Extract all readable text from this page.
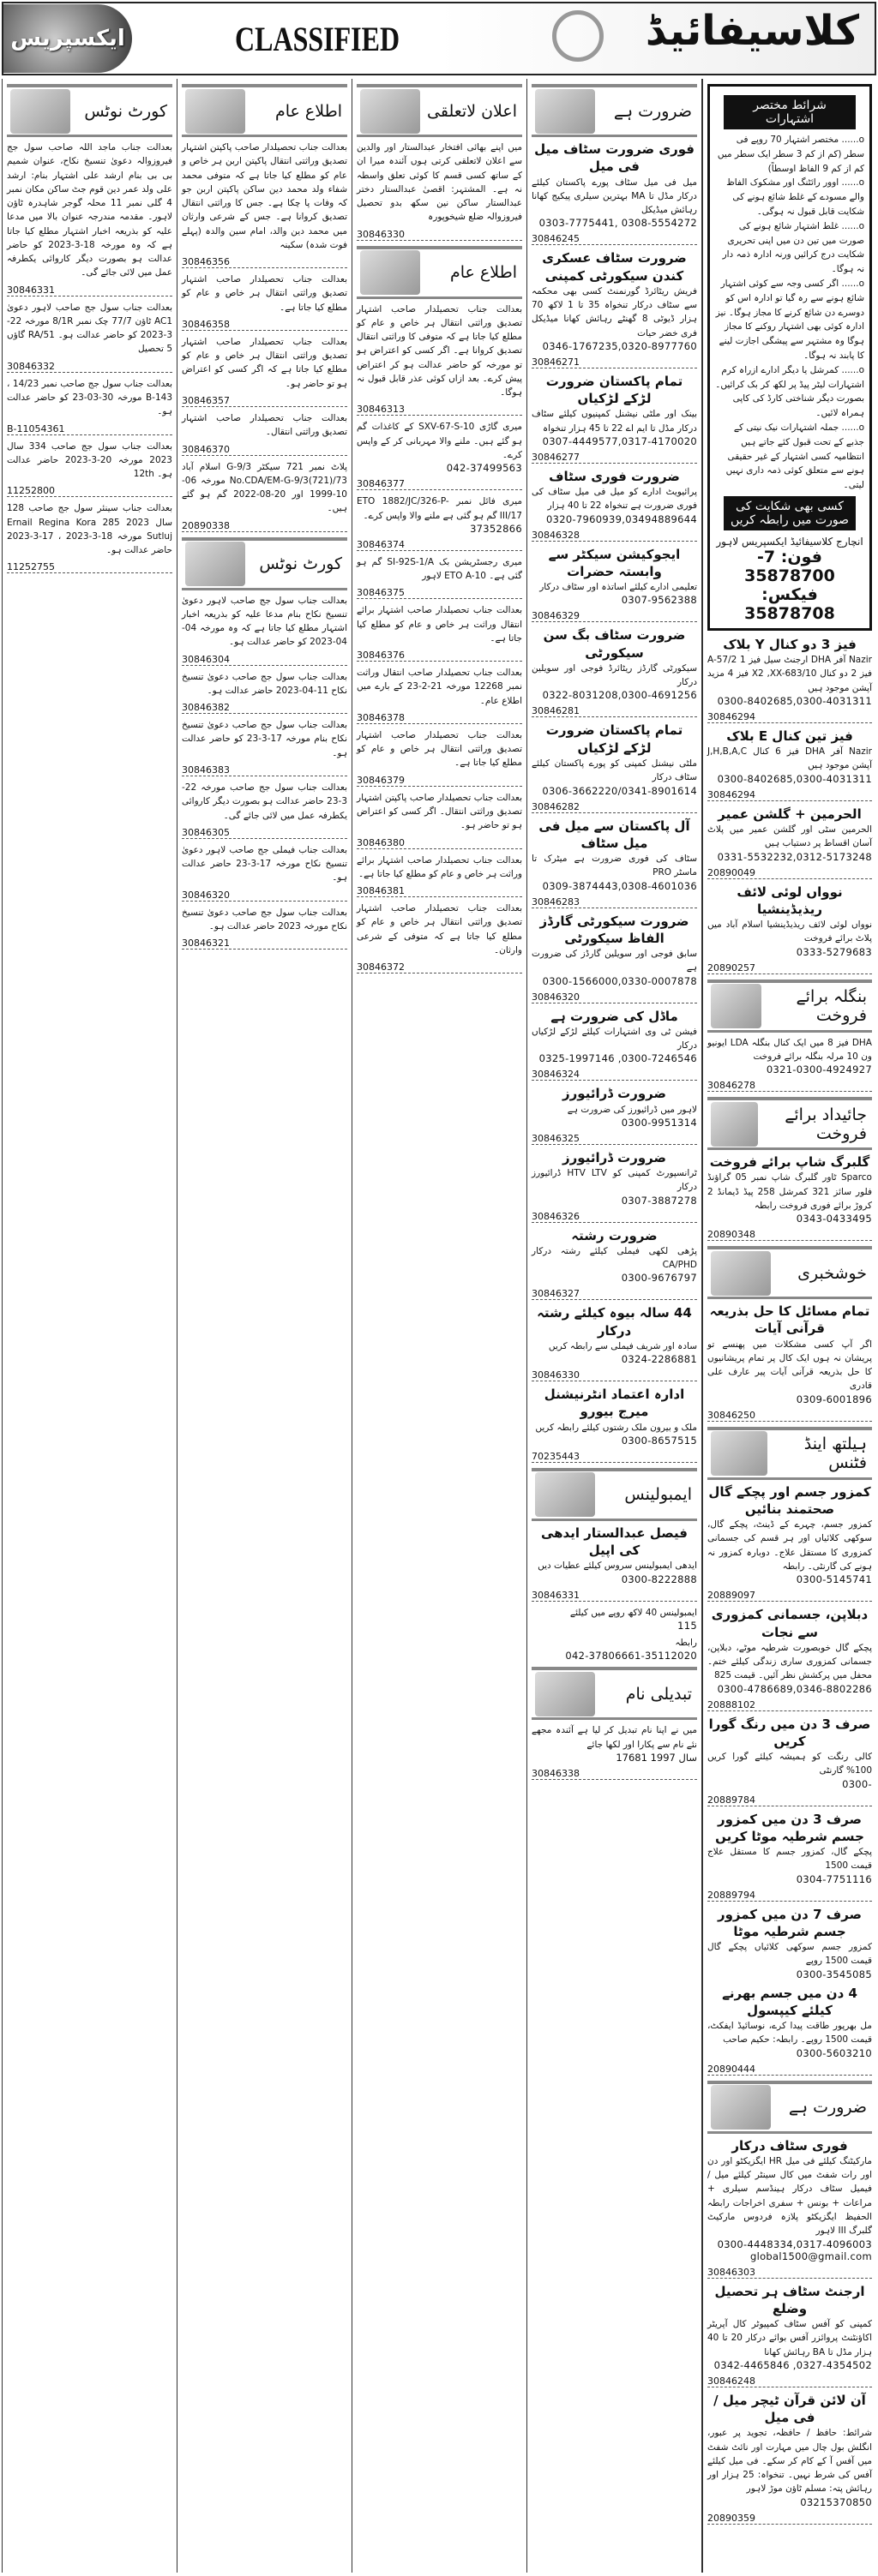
ایکسپریس	CLASSIFIED	کلاسیفائیڈ
شرائط مختصر اشتہارات

o...... مختصر اشتہار 70 روپے فی سطر (کم از کم 3 سطر ایک سطر میں کم از کم 9 الفاظ اوسطاً)

o...... اوور رائٹنگ اور مشکوک الفاظ والے مسودے کے غلط شائع ہونے کی شکایت قابل قبول نہ ہوگی۔

o...... غلط اشتہار شائع ہونے کی صورت میں تین دن میں اپنی تحریری شکایت درج کرائیں ورنہ ادارہ ذمہ دار نہ ہوگا۔

o...... اگر کسی وجہ سے کوئی اشتہار شائع ہونے سے رہ گیا تو ادارہ اس کو دوسرے دن شائع کرنے کا مجاز ہوگا۔ نیز ادارہ کوئی بھی اشتہار روکنے کا مجاز ہوگا وہ مشتہر سے پیشگی اجازت لینے کا پابند نہ ہوگا۔

o...... کمرشل یا دیگر ادارے ازراہ کرم اشتہارات لیٹر پیڈ پر لکھ کر بک کرائیں۔ بصورت دیگر شناختی کارڈ کی کاپی ہمراہ لائیں۔

o...... جملہ اشتہارات نیک نیتی کے جذبے کے تحت قبول کئے جاتے ہیں انتظامیہ کسی اشتہار کے غیر حقیقی ہونے سے متعلق کوئی ذمہ داری نہیں لیتی۔

کسی بھی شکایت کی صورت میں رابطہ کریں
انچارج کلاسیفائیڈ ایکسپریس لاہور
فون: 7-35878700
فیکس: 35878708
فیز 3 دو کنال Y بلاک

Nazir آفر DHA ارجنٹ سیل فیز 1 A-57/2 فیز 2 دو کنال 10/X2 ,XX-683 فیز 4 مزید آپشن موجود ہیں

0300-8402685,0300-4031311
30846294
فیز تین کنال E بلاک

Nazir آفر DHA فیز 6 کنال J,H,B,A,C آپشن موجود ہیں

0300-8402685,0300-4031311
30846294
الحرمین + گلشن عمیر

الحرمین سٹی اور گلشن عمیر میں پلاٹ آسان اقساط پر دستیاب ہیں

0331-5532232,0312-5173248
20890049
نوواں لوئی لائف ریذیڈینشیا

نوواں لوئی لائف ریذیڈینشیا اسلام آباد میں پلاٹ برائے فروخت

0333-5279683
20890257
بنگلہ برائے فروخت

DHA فیز 8 میں ایک کنال بنگلہ LDA ایونیو ون 10 مرلہ بنگلہ برائے فروخت

0321-0300-4924927
30846278
جائیداد برائے فروخت
گلبرگ شاپ برائے فروخت

Sparco ٹاور گلبرگ شاپ نمبر 05 گراؤنڈ فلور سائز 321 کمرشل 258 پیڈ ڈیمانڈ 2 کروڑ برائے فوری فروخت رابطہ

0343-0433495
20890348
خوشخبری
تمام مسائل کا حل بذریعہ قرآنی آیات

اگر آپ کسی مشکلات میں پھنسے تو پریشان نہ ہوں ایک کال پر تمام پریشانیوں کا حل بذریعہ قرآنی آیات پیر عارف علی قادری

0309-6001896
30846250
ہیلتھ اینڈ فٹنس
کمزور جسم اور پچکے گال صحتمند بنائیں

کمزور جسم، چہرے کے ڈینٹ، پچکے گال، سوکھی کلائیاں اور ہر قسم کی جسمانی کمزوری کا مستقل علاج۔ دوبارہ کمزور نہ ہونے کی گارنٹی۔ رابطہ

0300-5145741
20889097
دبلاپن، جسمانی کمزوری سے نجات

پچکے گال خوبصورت شرطیہ موٹے، دبلاپن، جسمانی کمزوری ساری زندگی کیلئے ختم۔ محفل میں پرکشش نظر آئیں۔ قیمت 825

0300-4786689,0346-8802286
20888102
صرف 3 دن میں رنگ گورا کریں

کالی رنگت کو ہمیشہ کیلئے گورا کریں 100% گارنٹی

0300-
20889784
صرف 3 دن میں کمزور جسم شرطیہ موٹا کریں

پچکے گال، کمزور جسم کا مستقل علاج قیمت 1500

0304-7751116
20889794
صرف 7 دن میں کمزور جسم شرطیہ موٹا

کمزور جسم سوکھی کلائیاں پچکے گال قیمت 1500 روپے

0300-3545085
4 دن میں جسم بھرنے کیلئے کیپسول

مل بھرپور طاقت پیدا کرے، نوسائیڈ ایفکٹ، قیمت 1500 روپے۔ رابطہ: حکیم صاحب

0300-5603210
20890444
ضرورت ہے
فوری سٹاف درکار

مارکیٹنگ کیلئے فی میل HR ایگزیکٹو اور دن اور رات شفٹ میں کال سینٹر کیلئے میل / فیمیل سٹاف درکار ہینڈسم سیلری + مراعات + بونس + سفری اخراجات رابطہ الحفیظ ایگزیکٹو پلازہ فردوس مارکیٹ گلبرگ III لاہور

0300-4448334,0317-4096003 global1500@gmail.com
30846303
ارجنٹ سٹاف ہر تحصیل وضلع

کمپنی کو آفس سٹاف کمپیوٹر کال آپریٹر اکاؤنٹنٹ پروائزر آفس بوائے درکار 20 تا 40 ہزار مڈل تا BA رہائش کھانا

0342-4465846 ,0327-4354502
30846248
آن لائن قرآن ٹیچر میل / فی میل

شرائط: حافظ / حافظہ، تجوید پر عبور، انگلش بول چال میں مہارت اور نائٹ شفٹ میں آفس آ کے کام کر سکے۔ فی میل کیلئے آفس کی شرط نہیں۔ تنخواہ: 25 ہزار اور رہائش پتہ: مسلم ٹاؤن موڑ لاہور

03215370850
20890359
ضرورت ہے
فوری ضرورت سٹاف میل فی میل

میل فی میل سٹاف پورے پاکستان کیلئے درکار مڈل تا MA بہترین سیلری پیکیج کھانا رہائش میڈیکل

0303-7775441, 0308-5554272
30846245
ضرورت سٹاف عسکری کندن سیکورٹی کمپنی

فریش ریٹائرڈ گورنمنٹ کسی بھی محکمہ سے سٹاف درکار تنخواہ 35 تا 1 لاکھ 70 ہزار ڈیوٹی 8 گھنٹے رہائش کھانا میڈیکل فری خضر حیات

0346-1767235,0320-8977760
30846271
تمام پاکستان ضرورت لڑکے لڑکیاں

بینک اور ملٹی نیشنل کمپنیوں کیلئے سٹاف درکار مڈل تا ایم اے 22 تا 45 ہزار تنخواہ

0307-4449577,0317-4170020
30846277
ضرورت فوری سٹاف

پرائیویٹ ادارے کو میل فی میل سٹاف کی فوری ضرورت ہے تنخواہ 22 تا 40 ہزار

0320-7960939,03494889644
30846328
ایجوکیشن سیکٹر سے وابستہ حضرات

تعلیمی ادارے کیلئے اساتذہ اور سٹاف درکار

0307-9562388
30846329
ضرورت سٹاف بگ سن سیکورٹی

سیکورٹی گارڈز ریٹائرڈ فوجی اور سویلین درکار

0322-8031208,0300-4691256
30846281
تمام پاکستان ضرورت لڑکے لڑکیاں

ملٹی نیشنل کمپنی کو پورے پاکستان کیلئے سٹاف درکار

0306-3662220/0341-8901614
30846282
آل پاکستان سے میل فی میل سٹاف

سٹاف کی فوری ضرورت ہے میٹرک تا ماسٹر PRO

0309-3874443,0308-4601036
30846283
ضرورت سیکورٹی گارڈز الفاظ سیکورٹی

سابق فوجی اور سویلین گارڈز کی ضرورت ہے

0300-1566000,0330-0007878
30846320
ماڈل کی ضرورت ہے

فیشن ٹی وی اشتہارات کیلئے لڑکے لڑکیاں درکار

0325-1997146 ,0300-7246546
30846324
ضرورت ڈرائیورز

لاہور میں ڈرائیورز کی ضرورت ہے

0300-9951314
30846325
ضرورت ڈرائیورز

ٹرانسپورٹ کمپنی کو HTV LTV ڈرائیورز درکار

0307-3887278
30846326
ضرورت رشتہ

پڑھی لکھی فیملی کیلئے رشتہ درکار CA/PHD

0300-9676797
30846327
44 سالہ بیوہ کیلئے رشتہ درکار

سادہ اور شریف فیملی سے رابطہ کریں

0324-2286881
30846330
ادارہ اعتماد انٹرنیشنل میرج بیورو

ملک و بیرون ملک رشتوں کیلئے رابطہ کریں

0300-8657515
70235443
ایمبولینس
فیصل عبدالستار ایدھی کی اپیل

ایدھی ایمبولینس سروس کیلئے عطیات دیں

0300-8222888
30846331

ایمبولینس 40 لاکھ روپے میں کیلئے

115

رابطہ

042-37806661-35112020
تبدیلی نام

میں نے اپنا نام تبدیل کر لیا ہے آئندہ مجھے نئے نام سے پکارا اور لکھا جائے

17681 سال 1997
30846338
اعلان لاتعلقی

میں اپنے بھائی افتخار عبدالستار اور والدین سے اعلان لاتعلقی کرتی ہوں آئندہ میرا ان کے ساتھ کسی قسم کا کوئی تعلق واسطہ نہ ہے۔ المشتہر: اقصیٰ عبدالستار دختر عبدالستار ساکن نین سکھ بدو تحصیل فیروزوالہ ضلع شیخوپورہ

30846330
اطلاع عام

بعدالت جناب تحصیلدار صاحب اشتہار تصدیق وراثتی انتقال ہر خاص و عام کو مطلع کیا جاتا ہے کہ متوفی کا وراثتی انتقال تصدیق کروانا ہے۔ اگر کسی کو اعتراض ہو تو مورخہ کو حاضر عدالت ہو کر اعتراض پیش کرے۔ بعد ازاں کوئی عذر قابل قبول نہ ہوگا۔

30846313

میری گاڑی SXV-67-S-10 کے کاغذات گم ہو گئے ہیں۔ ملنے والا مہربانی کر کے واپس کرے۔

042-37499563
30846377

میری فائل نمبر ETO 1882/JC/326-P-III/17 گم ہو گئی ہے ملنے والا واپس کرے۔

37352866
30846374

میری رجسٹریشن بک SI-92S-1/A گم ہو گئی ہے۔ ETO A-10 لاہور

30846375

بعدالت جناب تحصیلدار صاحب اشتہار برائے انتقال وراثت ہر خاص و عام کو مطلع کیا جاتا ہے۔

30846376

بعدالت جناب تحصیلدار صاحب انتقال وراثت نمبر 12268 مورخہ 21-2-23 کے بارے میں اطلاع عام۔

30846378

بعدالت جناب تحصیلدار صاحب اشتہار تصدیق وراثتی انتقال ہر خاص و عام کو مطلع کیا جاتا ہے۔

30846379

بعدالت جناب تحصیلدار صاحب پاکپتن اشتہار تصدیق وراثتی انتقال۔ اگر کسی کو اعتراض ہو تو حاضر ہو۔

30846380

بعدالت جناب تحصیلدار صاحب اشتہار برائے وراثت ہر خاص و عام کو مطلع کیا جاتا ہے۔

30846381

بعدالت جناب تحصیلدار صاحب اشتہار تصدیق وراثتی انتقال ہر خاص و عام کو مطلع کیا جاتا ہے کہ متوفی کے شرعی وارثان۔

30846372
اطلاع عام

بعدالت جناب تحصیلدار صاحب پاکپتن اشتہار تصدیق وراثتی انتقال پاکپتن اربن ہر خاص و عام کو مطلع کیا جاتا ہے کہ متوفی محمد شفاء ولد محمد دین ساکن پاکپتن اربن جو کہ وفات پا چکا ہے۔ جس کا وراثتی انتقال تصدیق کروانا ہے۔ جس کے شرعی وارثان میں محمد دین والد، امام سین والدہ (پہلے فوت شدہ) سکینہ

30846356

بعدالت جناب تحصیلدار صاحب اشتہار تصدیق وراثتی انتقال ہر خاص و عام کو مطلع کیا جاتا ہے۔

30846358

بعدالت جناب تحصیلدار صاحب اشتہار تصدیق وراثتی انتقال ہر خاص و عام کو مطلع کیا جاتا ہے کہ اگر کسی کو اعتراض ہو تو حاضر ہو۔

30846357

بعدالت جناب تحصیلدار صاحب اشتہار تصدیق وراثتی انتقال۔

30846370

پلاٹ نمبر 721 سیکٹر G-9/3 اسلام آباد No.CDA/EM-G-9/3(721)/73 مورخہ 06-10-1999 اور 20-08-2022 گم ہو گئے ہیں۔

20890338
کورٹ نوٹس

بعدالت جناب سول جج صاحب لاہور دعویٰ تنسیخ نکاح بنام مدعا علیہ کو بذریعہ اخبار اشتہار مطلع کیا جاتا ہے کہ وہ مورخہ 04-04-2023 کو حاضر عدالت ہو۔

30846304

بعدالت جناب سول جج صاحب دعویٰ تنسیخ نکاح 11-04-2023 حاضر عدالت ہو۔

30846382

بعدالت جناب سول جج صاحب دعویٰ تنسیخ نکاح بنام مورخہ 17-3-23 کو حاضر عدالت ہو۔

30846383

بعدالت جناب سول جج صاحب مورخہ 22-3-23 حاضر عدالت ہو بصورت دیگر کاروائی یکطرفہ عمل میں لائی جائے گی۔

30846305

بعدالت جناب فیملی جج صاحب لاہور دعویٰ تنسیخ نکاح مورخہ 17-3-23 حاضر عدالت ہو۔

30846320

بعدالت جناب سول جج صاحب دعویٰ تنسیخ نکاح مورخہ 2023 حاضر عدالت ہو۔

30846321
کورٹ نوٹس

بعدالت جناب ماجد اللہ صاحب سول جج فیروزوالہ دعویٰ تنسیخ نکاح، عنوان شمیم بی بی بنام ارشد علی اشتہار بنام: ارشد علی ولد عمر دین قوم جٹ ساکن مکان نمبر 4 گلی نمبر 11 محلہ گوجر شاہدرہ ٹاؤن لاہور۔ مقدمہ مندرجہ عنوان بالا میں مدعا علیہ کو بذریعہ اخبار اشتہار مطلع کیا جاتا ہے کہ وہ مورخہ 18-3-2023 کو حاضر عدالت ہو بصورت دیگر کاروائی یکطرفہ عمل میں لائی جائے گی۔

30846331

بعدالت جناب سول جج صاحب لاہور دعویٰ AC1 ٹاؤن 77/7 چک نمبر 8/1R مورخہ 22-3-2023 کو حاضر عدالت ہو۔ 51/RA گاؤں 5 تحصیل

30846332

بعدالت جناب سول جج صاحب نمبر 14/23 ، 143-B مورخہ 30-03-23 کو حاضر عدالت ہو۔

B-11054361

بعدالت جناب سول جج صاحب 334 سال 2023 مورخہ 20-3-2023 حاضر عدالت ہو۔ 12th

11252800

بعدالت جناب سینئر سول جج صاحب 128 سال 2023 Ernail Regina Kora 285 Sutluj مورخہ 18-3-2023 ، 17-3-2023 حاضر عدالت ہو۔

11252755
